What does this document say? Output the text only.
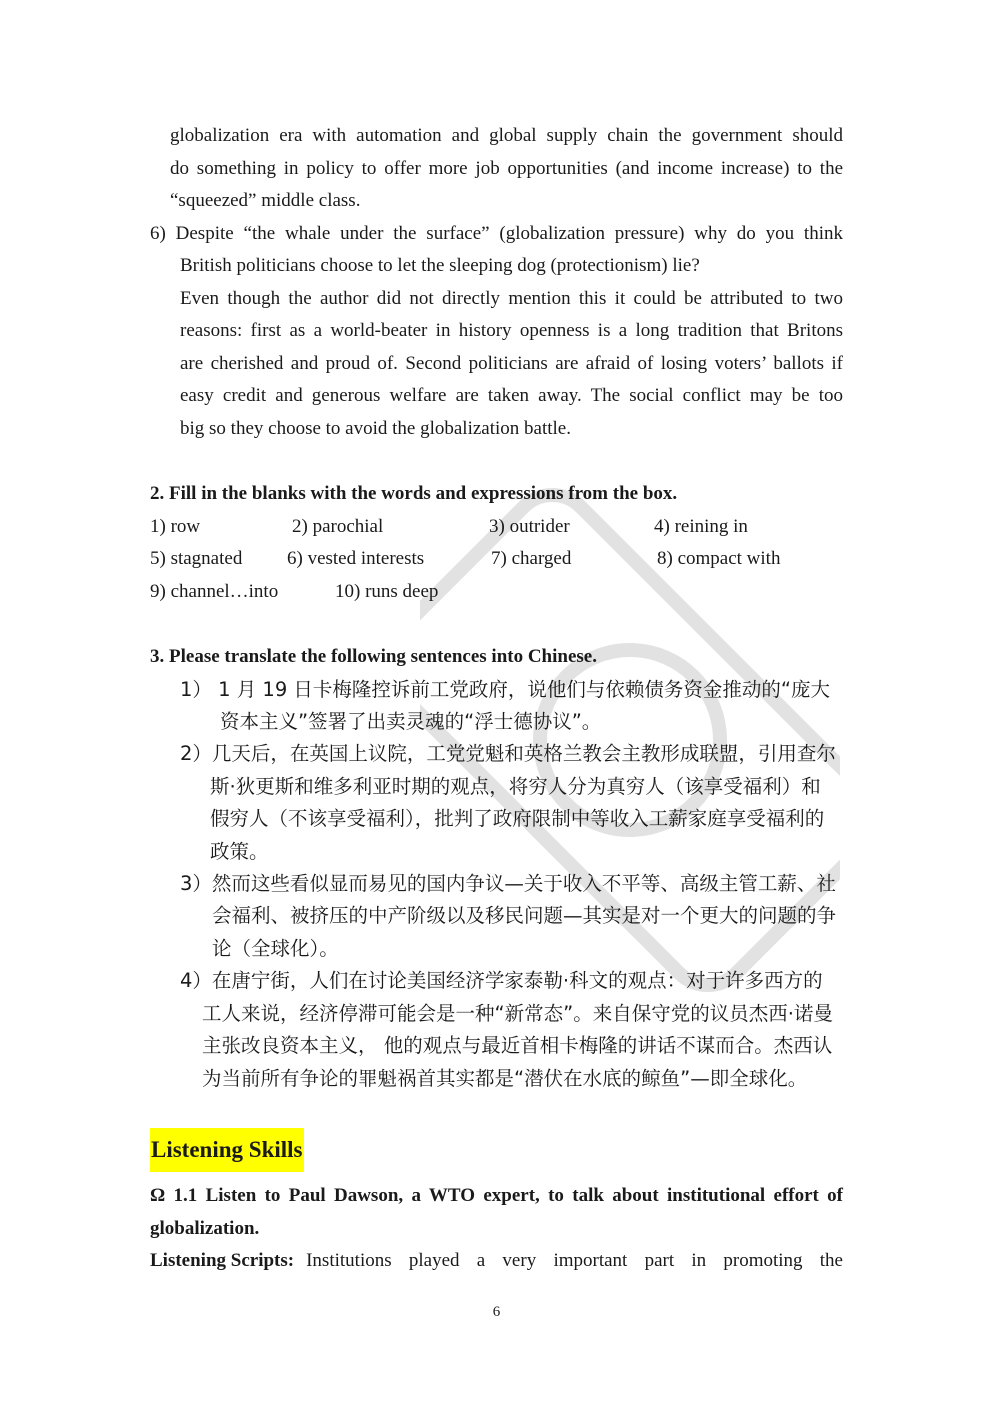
globalization era with automation and global supply chain the government should
do something in policy to offer more job opportunities (and income increase) to the
“squeezed” middle class.
6) Despite “the whale under the surface” (globalization pressure) why do you think
British politicians choose to let the sleeping dog (protectionism) lie?
Even though the author did not directly mention this it could be attributed to two
reasons: first as a world-beater in history openness is a long tradition that Britons
are cherished and proud of. Second politicians are afraid of losing voters’ ballots if
easy credit and generous welfare are taken away. The social conflict may be too
big so they choose to avoid the globalization battle.
2. Fill in the blanks with the words and expressions from the box.
1) row	2) parochial	3) outrider	4) reining in
5) stagnated 6) vested interests	7) charged	8) compact with
9) channel…into	10) runs deep
3. Please translate the following sentences into Chinese.
1） 1 月 19 日卡梅隆控诉前工党政府，说他们与依赖债务资金推动的“庞大
资本主义”签署了出卖灵魂的“浮士德协议”。
2）几天后，在英国上议院，工党党魁和英格兰教会主教形成联盟，引用查尔
斯·狄更斯和维多利亚时期的观点，将穷人分为真穷人（该享受福利）和
假穷人（不该享受福利），批判了政府限制中等收入工薪家庭享受福利的
政策。
3）然而这些看似显而易见的国内争议—关于收入不平等、高级主管工薪、社
会福利、被挤压的中产阶级以及移民问题—其实是对一个更大的问题的争
论（全球化）。
4）在唐宁街，人们在讨论美国经济学家泰勒·科文的观点：对于许多西方的
工人来说，经济停滞可能会是一种“新常态”。来自保守党的议员杰西·诺曼
主张改良资本主义， 他的观点与最近首相卡梅隆的讲话不谋而合。杰西认
为当前所有争论的罪魁祸首其实都是“潜伏在水底的鲸鱼”—即全球化。
Listening Skills
Ω 1.1 Listen to Paul Dawson, a WTO expert, to talk about institutional effort of
globalization.
Listening Scripts: Institutions played a very important part in promoting the
6
